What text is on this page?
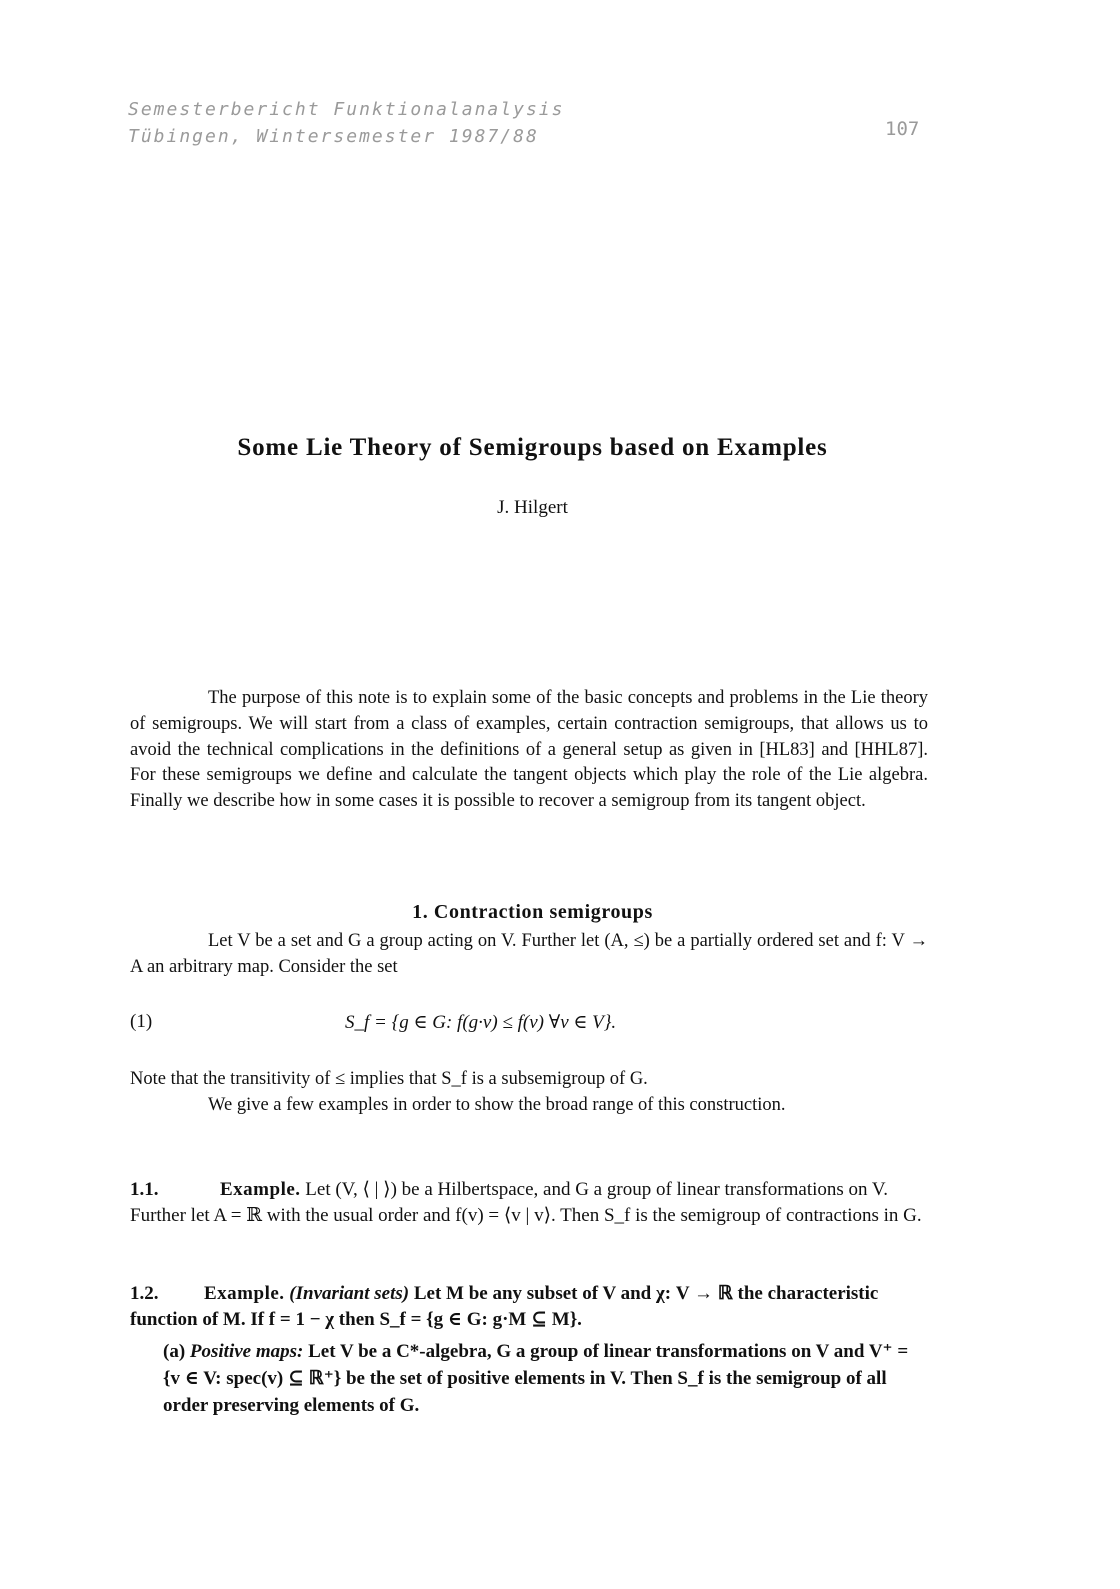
Semesterbericht Funktionalanalysis
Tübingen, Wintersemester 1987/88	107
Some Lie Theory of Semigroups based on Examples
J. Hilgert

The purpose of this note is to explain some of the basic concepts and problems in the Lie theory of semigroups. We will start from a class of examples, certain contraction semigroups, that allows us to avoid the technical complications in the definitions of a general setup as given in [HL83] and [HHL87]. For these semigroups we define and calculate the tangent objects which play the role of the Lie algebra. Finally we describe how in some cases it is possible to recover a semigroup from its tangent object.

1. Contraction semigroups

Let V be a set and G a group acting on V. Further let (A, ≤) be a partially ordered set and f: V → A an arbitrary map. Consider the set

(1)	S_f = {g ∈ G: f(g·v) ≤ f(v) ∀v ∈ V}.

Note that the transitivity of ≤ implies that S_f is a subsemigroup of G.

We give a few examples in order to show the broad range of this construction.

1.1.	Example. Let (V, ⟨ | ⟩) be a Hilbertspace, and G a group of linear transformations on V. Further let A = ℝ with the usual order and f(v) = ⟨v | v⟩. Then S_f is the semigroup of contractions in G.
1.2. Example. (Invariant sets) Let M be any subset of V and χ: V → ℝ the characteristic function of M. If f = 1 − χ then S_f = {g ∈ G: g·M ⊆ M}.
(a) Positive maps: Let V be a C*-algebra, G a group of linear transformations on V and V⁺ = {v ∈ V: spec(v) ⊆ ℝ⁺} be the set of positive elements in V. Then S_f is the semigroup of all order preserving elements of G.
